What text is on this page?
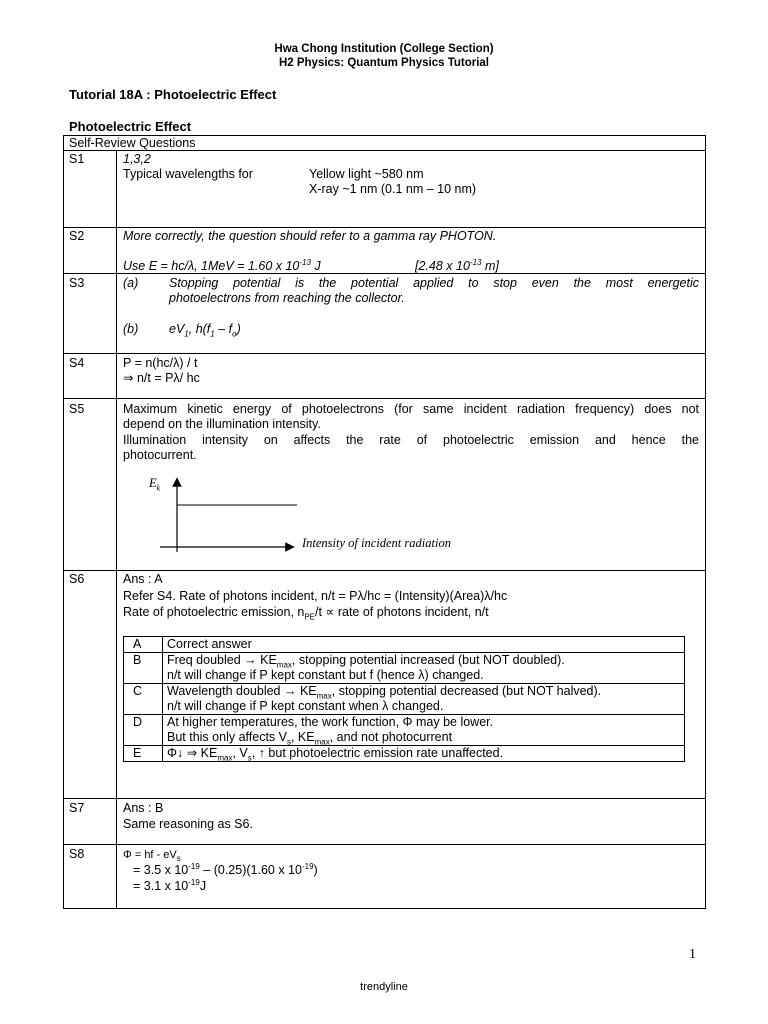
Hwa Chong Institution (College Section)
H2 Physics: Quantum Physics Tutorial
Tutorial 18A : Photoelectric Effect
Photoelectric Effect
Self-Review Questions
S1	1,3,2
Typical wavelengths for	Yellow light ~580 nm
X-ray ~1 nm (0.1 nm – 10 nm)
S2	More correctly, the question should refer to a gamma ray PHOTON.
Use E = hc/λ, 1MeV = 1.60 x $10^{-13}$ J	[2.48 x $10^{-13}$ m]
S3	(a) Stopping potential is the potential applied to stop even the most energetic
photoelectrons from reaching the collector.
(b) $eV_1$, $h(f_1 - f_o)$
S4	P = n(hc/λ) / t
⇒ n/t = Pλ/ hc
S5	Maximum kinetic energy of photoelectrons (for same incident radiation frequency) does not
depend on the illumination intensity.
Illumination intensity on affects the rate of photoelectric emission and hence the
photocurrent.
$E_k$
Intensity of incident radiation
S6	Ans : A
Refer S4. Rate of photons incident, n/t = Pλ/hc = (Intensity)(Area)λ/hc
Rate of photoelectric emission, $n_{PE}/t$ ∝ rate of photons incident, n/t
A	Correct answer
B	Freq doubled → $KE_{max}$, stopping potential increased (but NOT doubled).
n/t will change if P kept constant but f (hence λ) changed.

C	Wavelength doubled → $KE_{max}$, stopping potential decreased (but NOT halved).
n/t will change if P kept constant when λ changed.

D	At higher temperatures, the work function, Φ may be lower.
But this only affects $V_s$, $KE_{max}$, and not photocurrent

E	Φ↓ ⇒ $KE_{max}$, $V_s$, ↑ but photoelectric emission rate unaffected.
S7	Ans : B
Same reasoning as S6.
S8	Φ = hf - $eV_s$
= 3.5 x $10^{-19} - (0.25)(1.60$ x $10^{-19}$)
= 3.1 x $10^{-19}J$
1
trendyline
